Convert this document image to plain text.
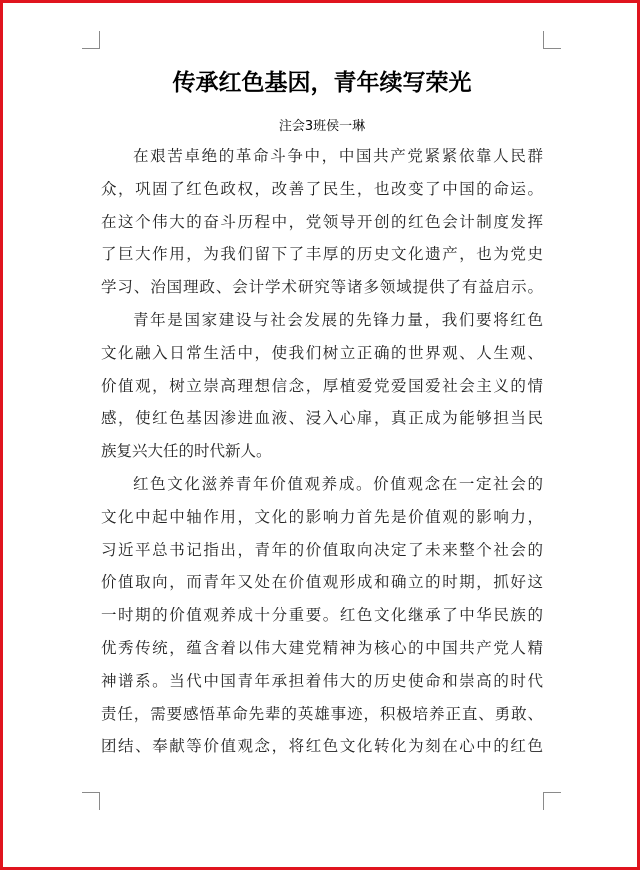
传承红色基因，青年续写荣光
注会3班侯一琳
在艰苦卓绝的革命斗争中，中国共产党紧紧依靠人民群
众，巩固了红色政权，改善了民生，也改变了中国的命运。
在这个伟大的奋斗历程中，党领导开创的红色会计制度发挥
了巨大作用，为我们留下了丰厚的历史文化遗产，也为党史
学习、治国理政、会计学术研究等诸多领域提供了有益启示。
青年是国家建设与社会发展的先锋力量，我们要将红色
文化融入日常生活中，使我们树立正确的世界观、人生观、
价值观，树立崇高理想信念，厚植爱党爱国爱社会主义的情
感，使红色基因渗进血液、浸入心扉，真正成为能够担当民
族复兴大任的时代新人。
红色文化滋养青年价值观养成。价值观念在一定社会的
文化中起中轴作用，文化的影响力首先是价值观的影响力，
习近平总书记指出，青年的价值取向决定了未来整个社会的
价值取向，而青年又处在价值观形成和确立的时期，抓好这
一时期的价值观养成十分重要。红色文化继承了中华民族的
优秀传统，蕴含着以伟大建党精神为核心的中国共产党人精
神谱系。当代中国青年承担着伟大的历史使命和崇高的时代
责任，需要感悟革命先辈的英雄事迹，积极培养正直、勇敢、
团结、奉献等价值观念，将红色文化转化为刻在心中的红色
